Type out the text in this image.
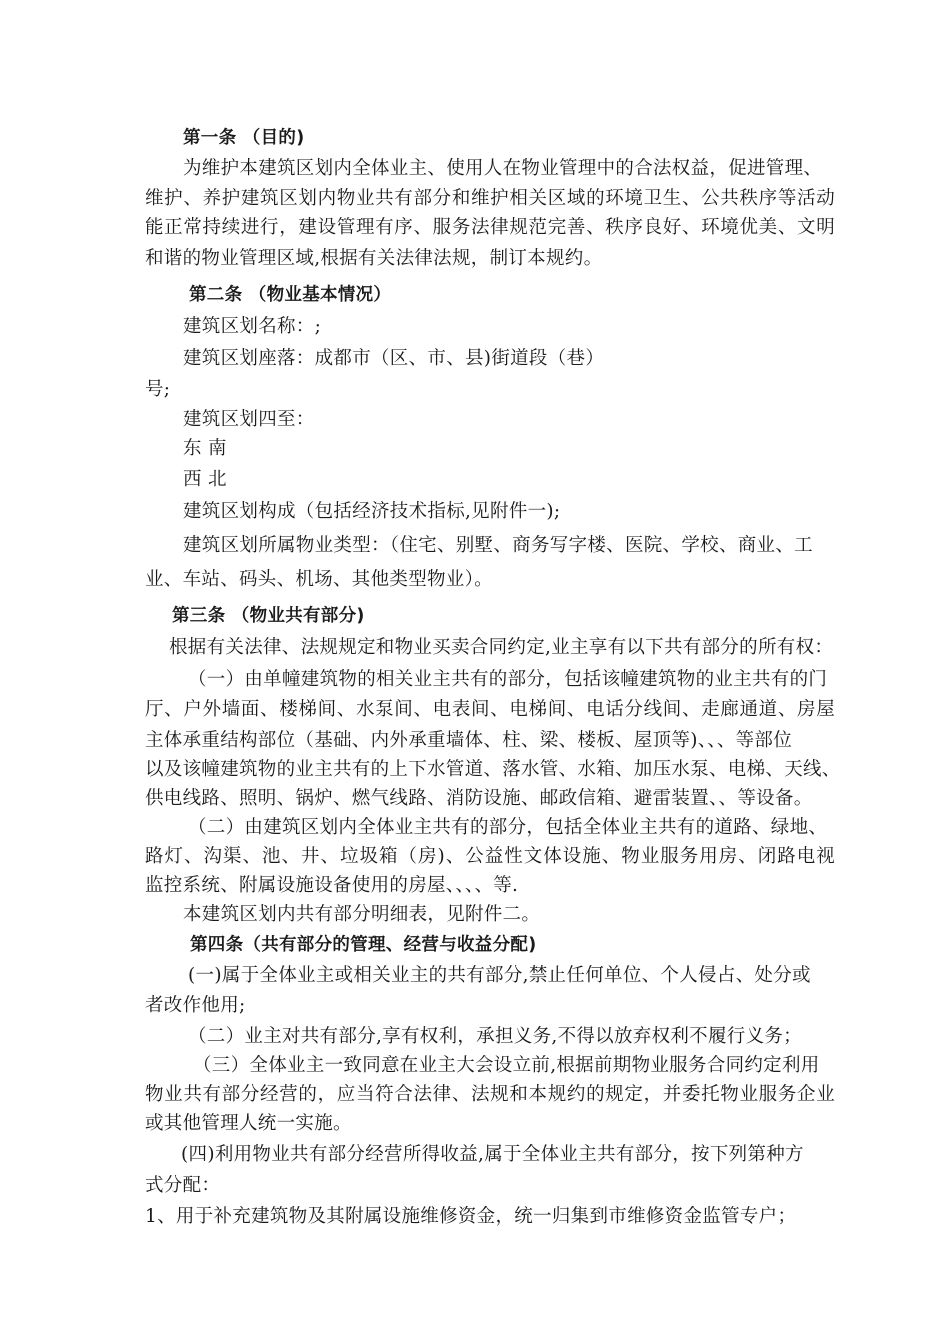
第一条 （目的)
为维护本建筑区划内全体业主、使用人在物业管理中的合法权益，促进管理、
维护、养护建筑区划内物业共有部分和维护相关区域的环境卫生、公共秩序等活动
能正常持续进行，建设管理有序、服务法律规范完善、秩序良好、环境优美、文明
和谐的物业管理区域,根据有关法律法规，制订本规约。
第二条 （物业基本情况）
建筑区划名称：;
建筑区划座落：成都市（区、市、县)街道段（巷）
号;
建筑区划四至：
东 南
西 北
建筑区划构成（包括经济技术指标,见附件一);
建筑区划所属物业类型：（住宅、别墅、商务写字楼、医院、学校、商业、工
业、车站、码头、机场、其他类型物业）。
第三条 （物业共有部分)
根据有关法律、法规规定和物业买卖合同约定,业主享有以下共有部分的所有权：
（一）由单幢建筑物的相关业主共有的部分，包括该幢建筑物的业主共有的门
厅、户外墙面、楼梯间、水泵间、电表间、电梯间、电话分线间、走廊通道、房屋
主体承重结构部位（基础、内外承重墙体、柱、梁、楼板、屋顶等)、、、等部位
以及该幢建筑物的业主共有的上下水管道、落水管、水箱、加压水泵、电梯、天线、
供电线路、照明、锅炉、燃气线路、消防设施、邮政信箱、避雷装置、、等设备。
（二）由建筑区划内全体业主共有的部分，包括全体业主共有的道路、绿地、
路灯、沟渠、池、井、垃圾箱（房)、公益性文体设施、物业服务用房、闭路电视
监控系统、附属设施设备使用的房屋、、、、等.
本建筑区划内共有部分明细表，见附件二。
第四条（共有部分的管理、经营与收益分配)
(一)属于全体业主或相关业主的共有部分,禁止任何单位、个人侵占、处分或
者改作他用;
（二）业主对共有部分,享有权利，承担义务,不得以放弃权利不履行义务；
（三）全体业主一致同意在业主大会设立前,根据前期物业服务合同约定利用
物业共有部分经营的，应当符合法律、法规和本规约的规定，并委托物业服务企业
或其他管理人统一实施。
(四)利用物业共有部分经营所得收益,属于全体业主共有部分，按下列第种方
式分配：
1、用于补充建筑物及其附属设施维修资金，统一归集到市维修资金监管专户；
